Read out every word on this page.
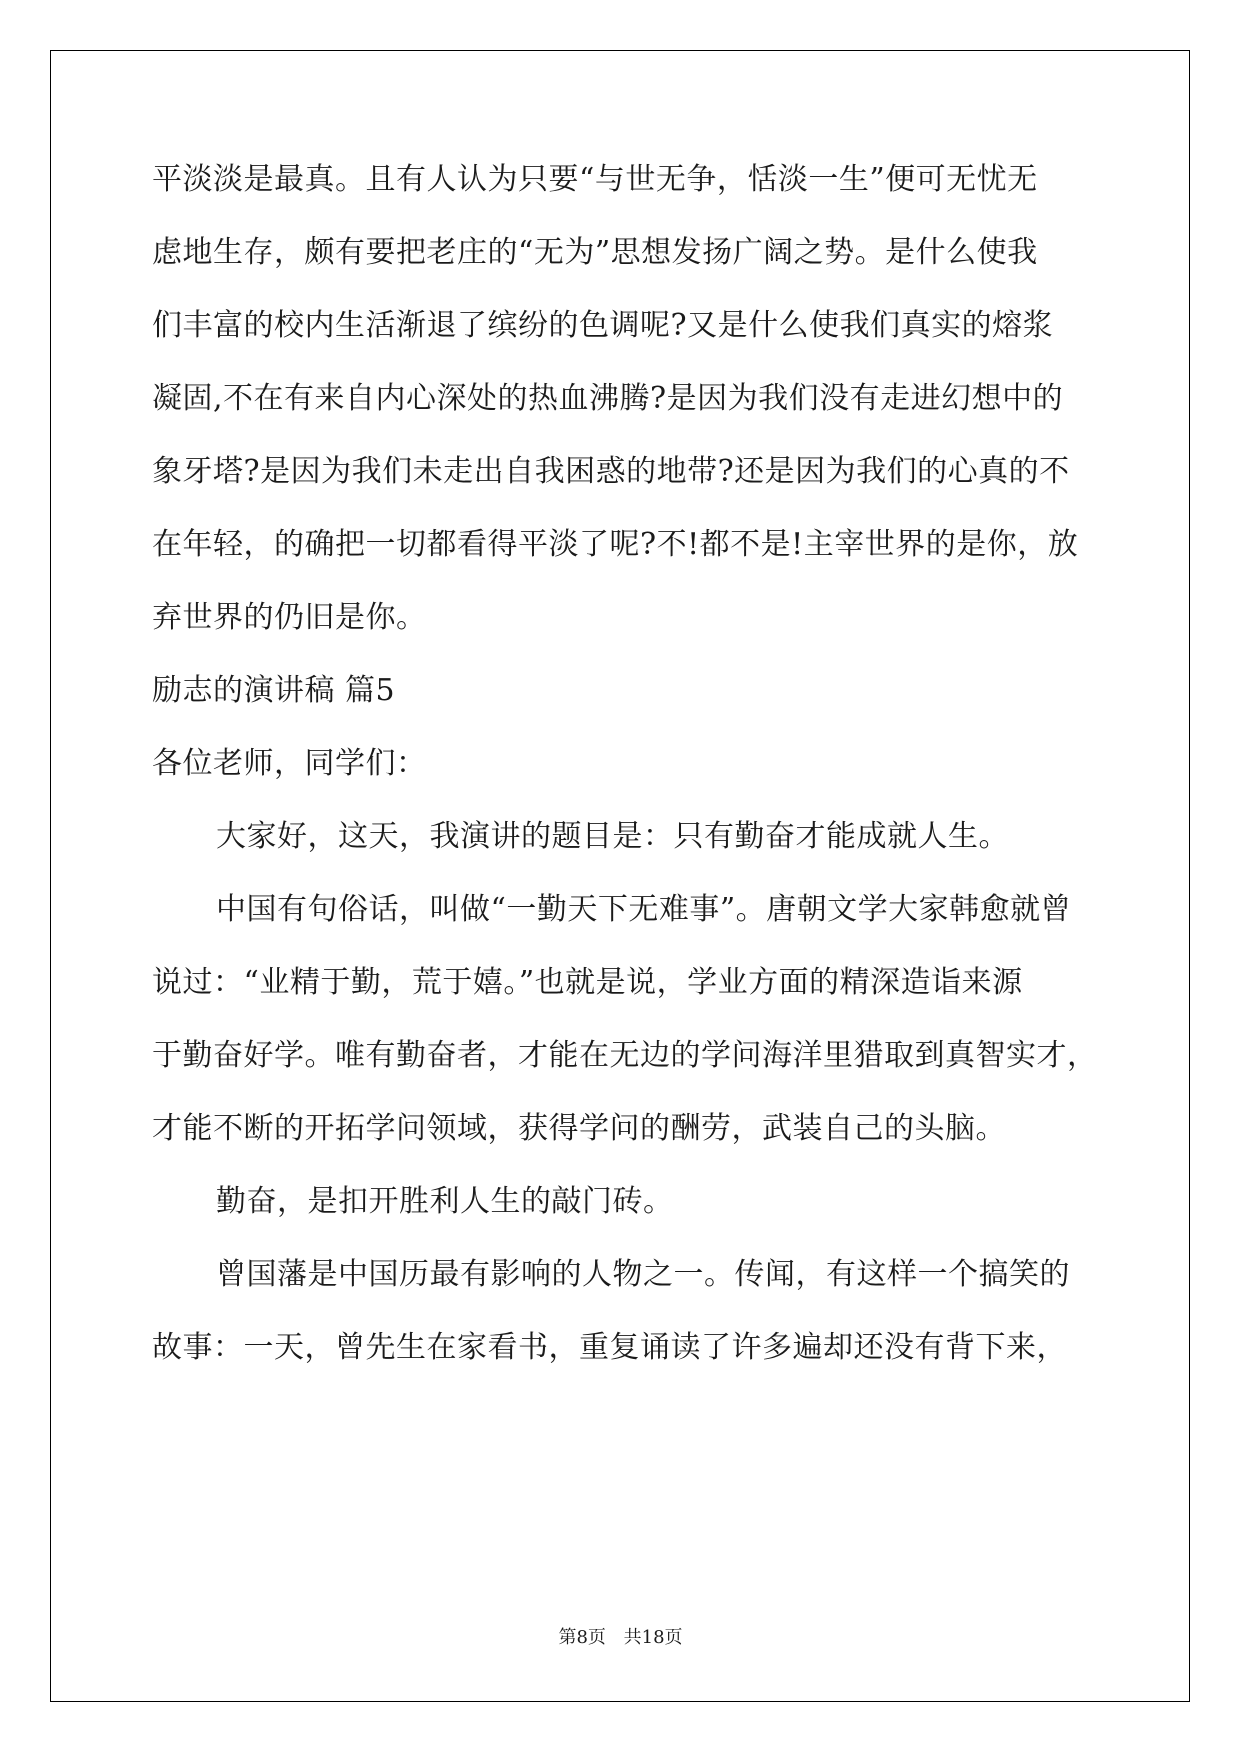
平淡淡是最真。且有人认为只要“与世无争，恬淡一生”便可无忧无
虑地生存，颇有要把老庄的“无为”思想发扬广阔之势。是什么使我
们丰富的校内生活渐退了缤纷的色调呢?又是什么使我们真实的熔浆
凝固,不在有来自内心深处的热血沸腾?是因为我们没有走进幻想中的
象牙塔?是因为我们未走出自我困惑的地带?还是因为我们的心真的不
在年轻，的确把一切都看得平淡了呢?不!都不是!主宰世界的是你，放
弃世界的仍旧是你。
励志的演讲稿 篇5
各位老师，同学们：
大家好，这天，我演讲的题目是：只有勤奋才能成就人生。
中国有句俗话，叫做“一勤天下无难事”。唐朝文学大家韩愈就曾
说过：“业精于勤，荒于嬉。”也就是说，学业方面的精深造诣来源
于勤奋好学。唯有勤奋者，才能在无边的学问海洋里猎取到真智实才，
才能不断的开拓学问领域，获得学问的酬劳，武装自己的头脑。
勤奋，是扣开胜利人生的敲门砖。
曾国藩是中国历最有影响的人物之一。传闻，有这样一个搞笑的
故事：一天，曾先生在家看书，重复诵读了许多遍却还没有背下来，
第8页 共18页
